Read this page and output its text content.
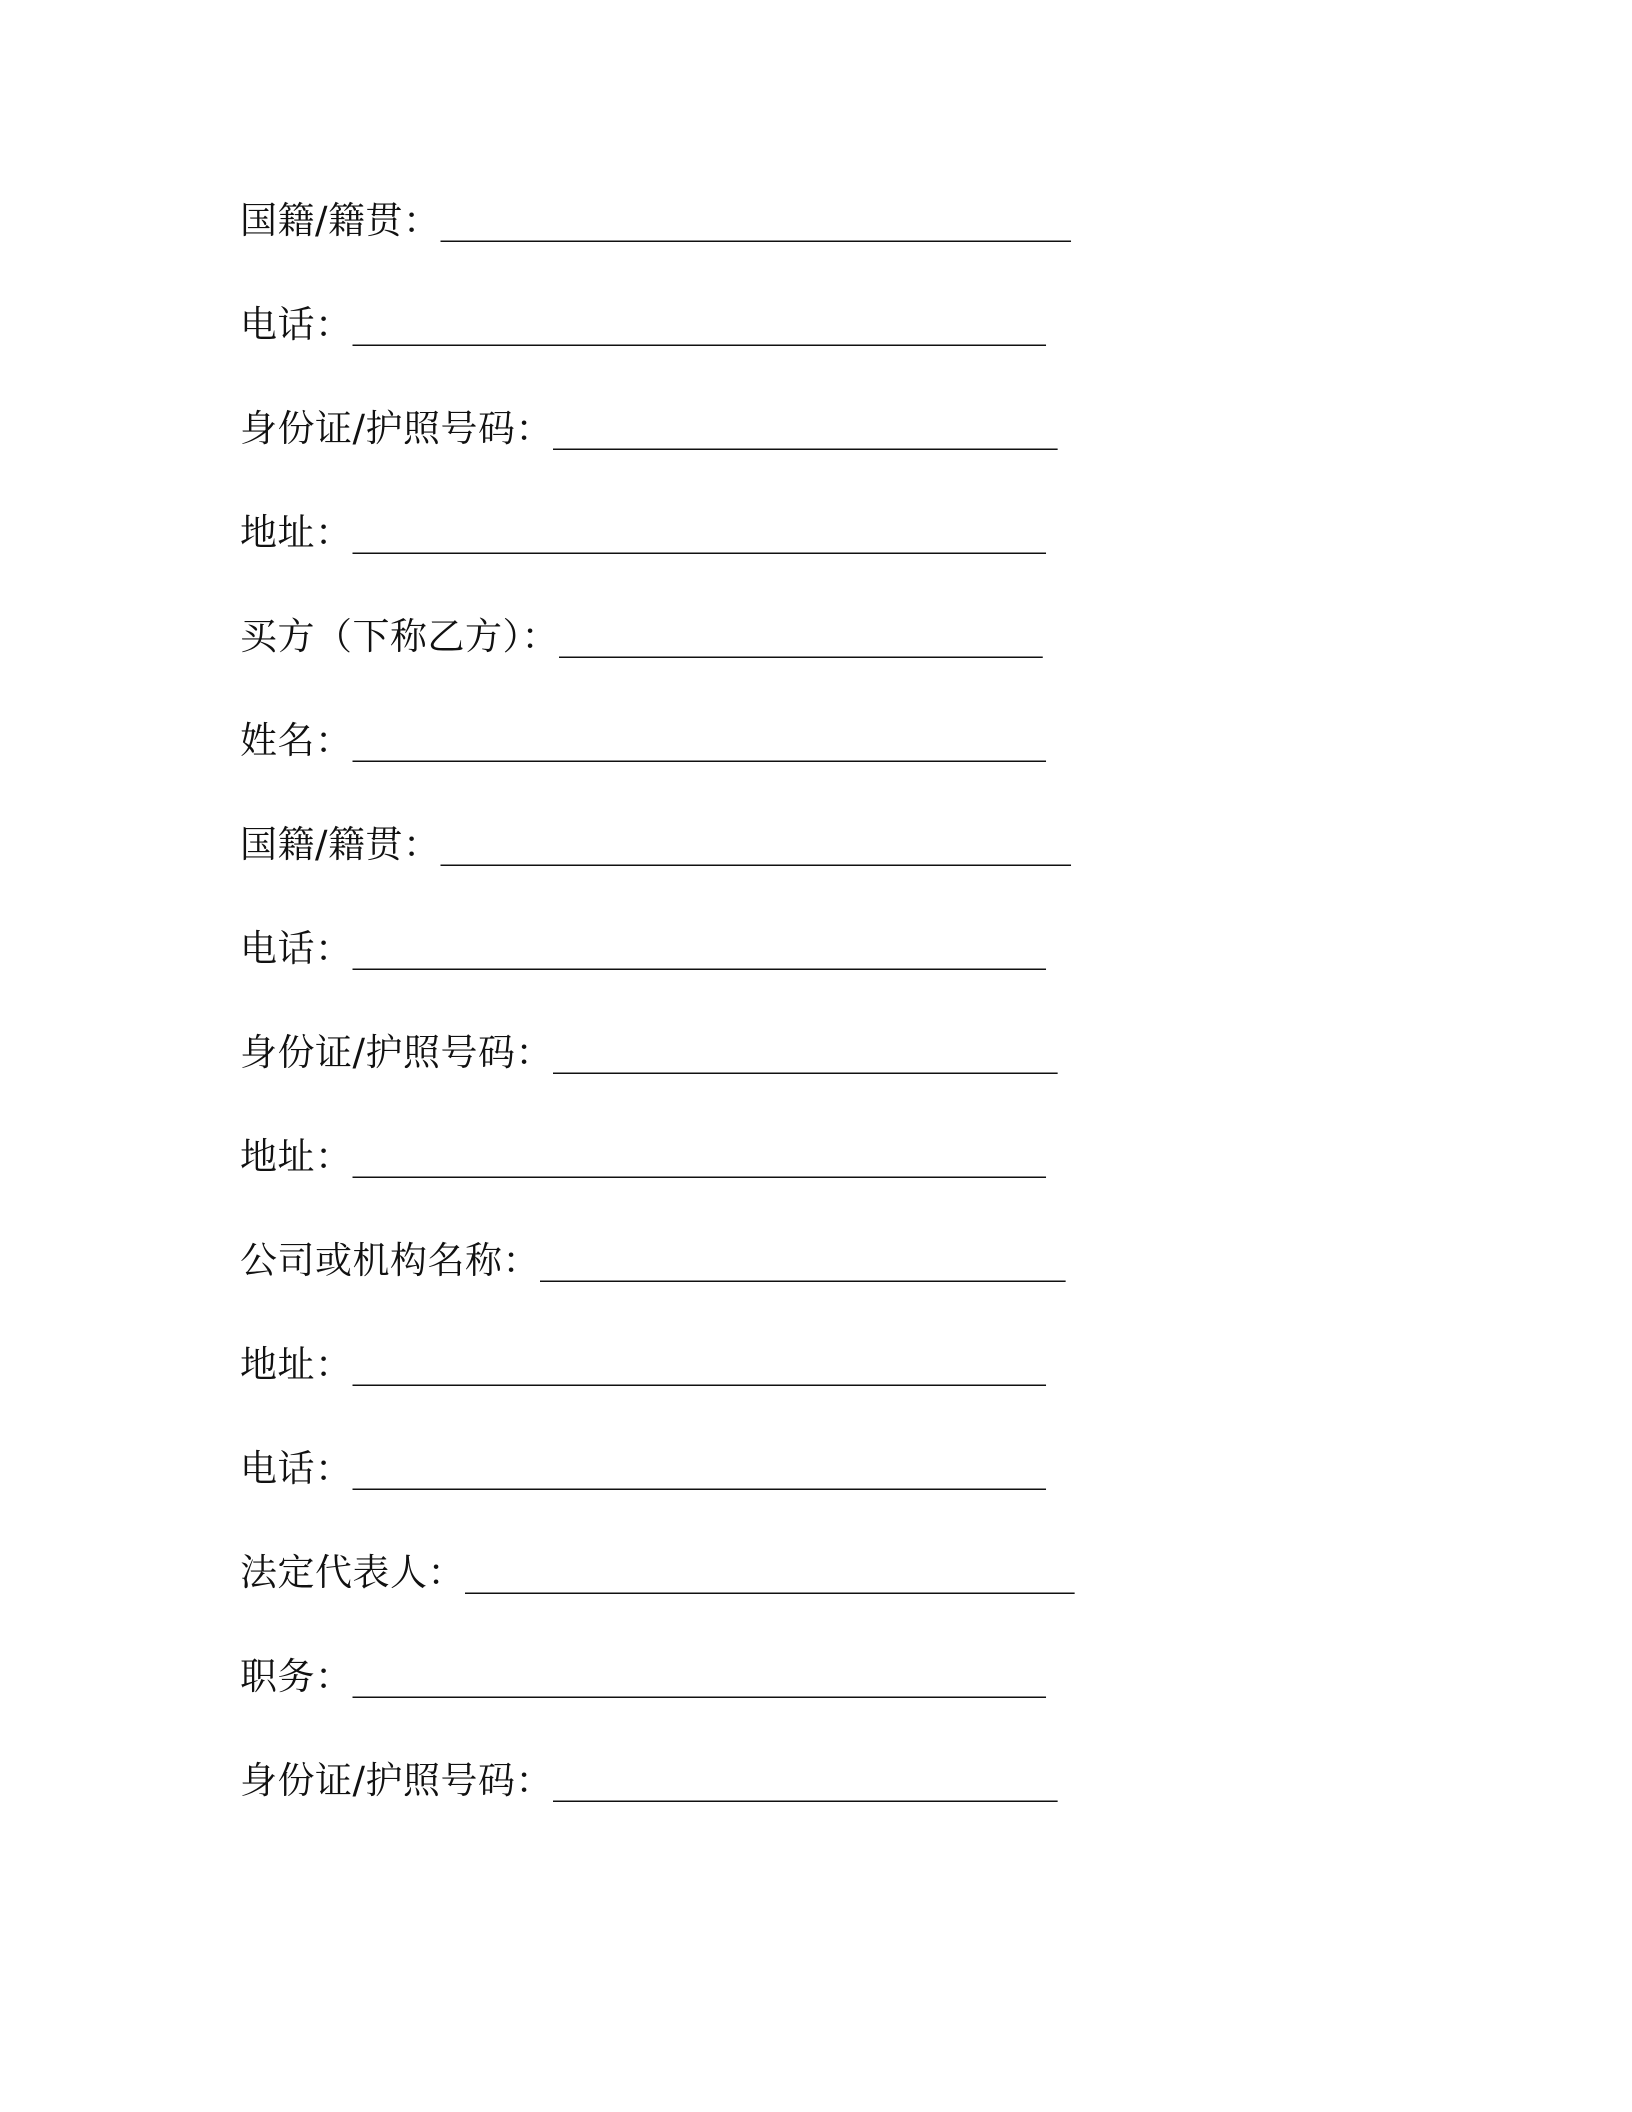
国籍/籍贯： ______________________________
电话： _________________________________
身份证/护照号码： ________________________
地址： _________________________________
买方（下称乙方）： _______________________
姓名： _________________________________
国籍/籍贯： ______________________________
电话： _________________________________
身份证/护照号码： ________________________
地址： _________________________________
公司或机构名称： _________________________
地址： _________________________________
电话： _________________________________
法定代表人： _____________________________
职务： _________________________________
身份证/护照号码： ________________________
